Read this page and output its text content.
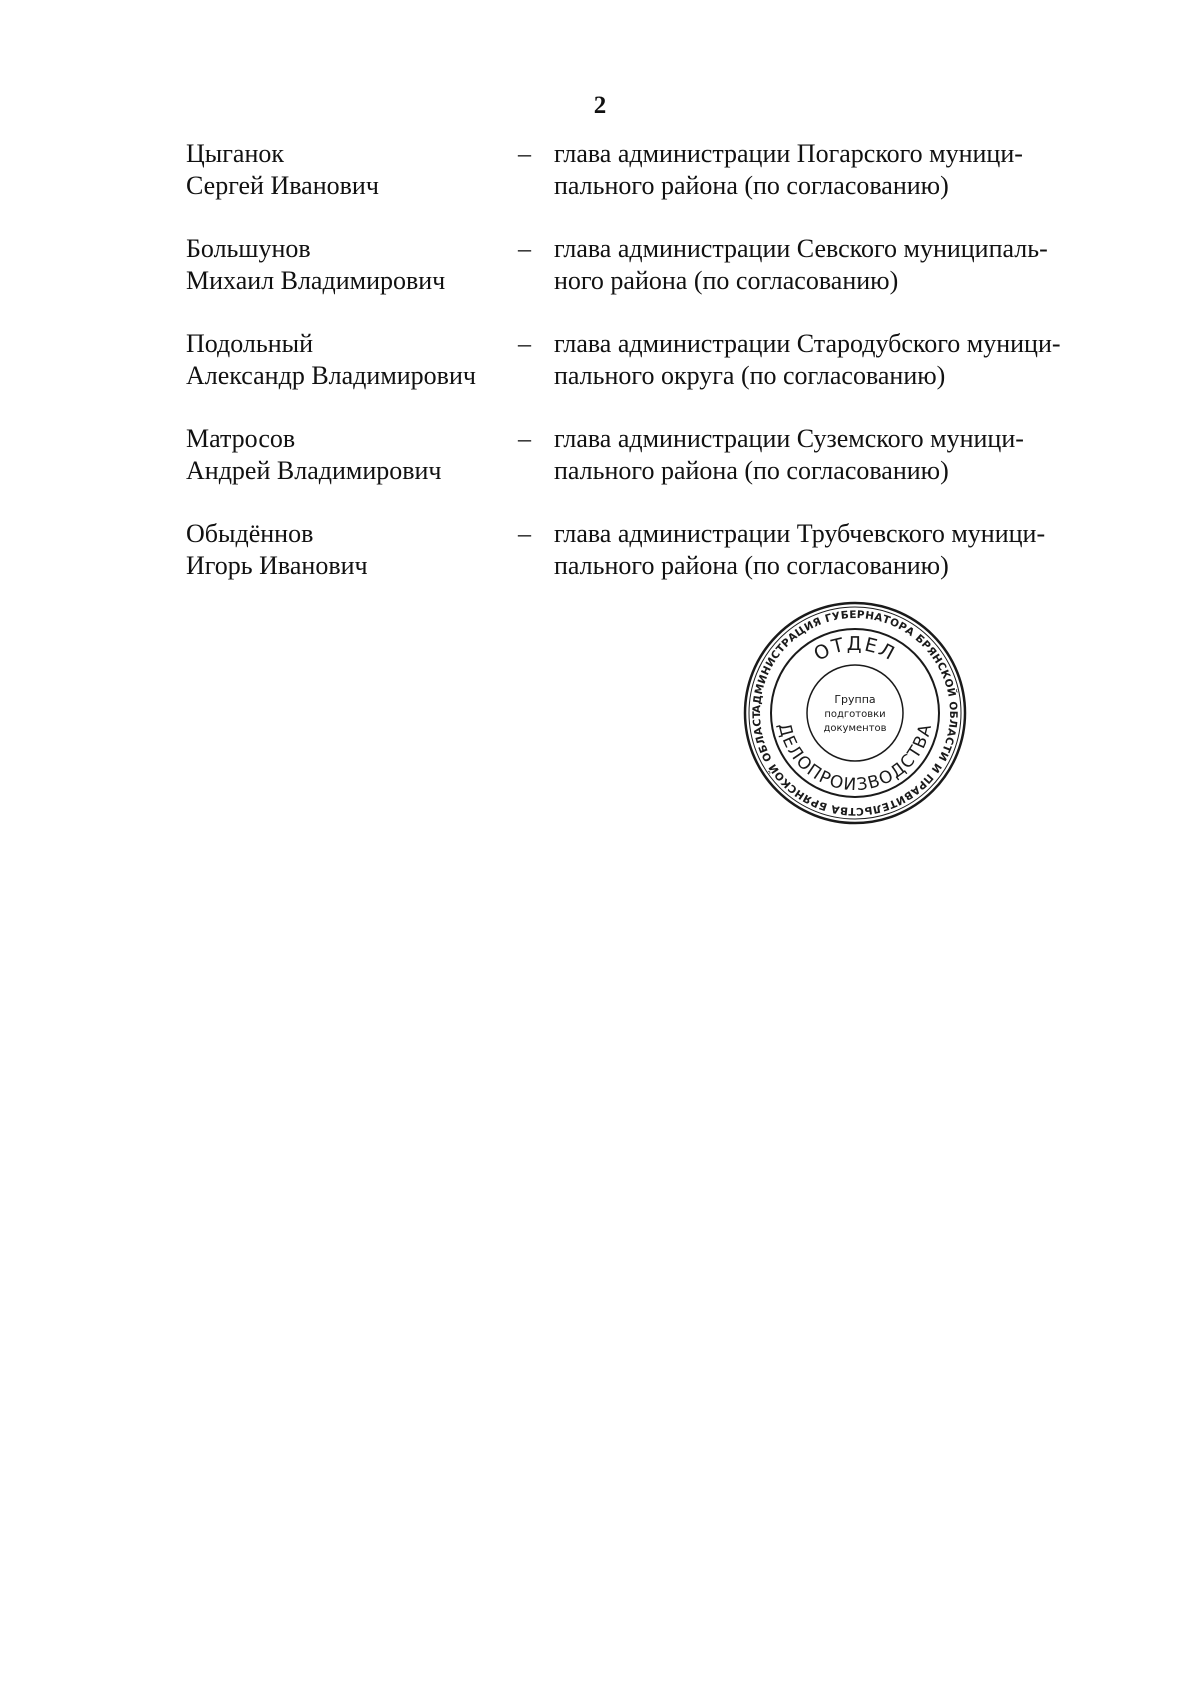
2
Цыганок
Сергей Иванович
– глава администрации Погарского муници-
пального района (по согласованию)
Большунов
Михаил Владимирович
– глава администрации Севского муниципаль-
ного района (по согласованию)
Подольный
Александр Владимирович
– глава администрации Стародубского муници-
пального округа (по согласованию)
Матросов
Андрей Владимирович
– глава администрации Суземского муници-
пального района (по согласованию)
Обыдённов
Игорь Иванович
– глава администрации Трубчевского муници-
пального района (по согласованию)
АДМИНИСТРАЦИЯ ГУБЕРНАТОРА БРЯНСКОЙ ОБЛАСТИ И ПРАВИТЕЛЬСТВА БРЯНСКОЙ ОБЛАСТ
ОТДЕЛ
ДЕЛОПРОИЗВОДСТВА
Группа
подготовки
документов
